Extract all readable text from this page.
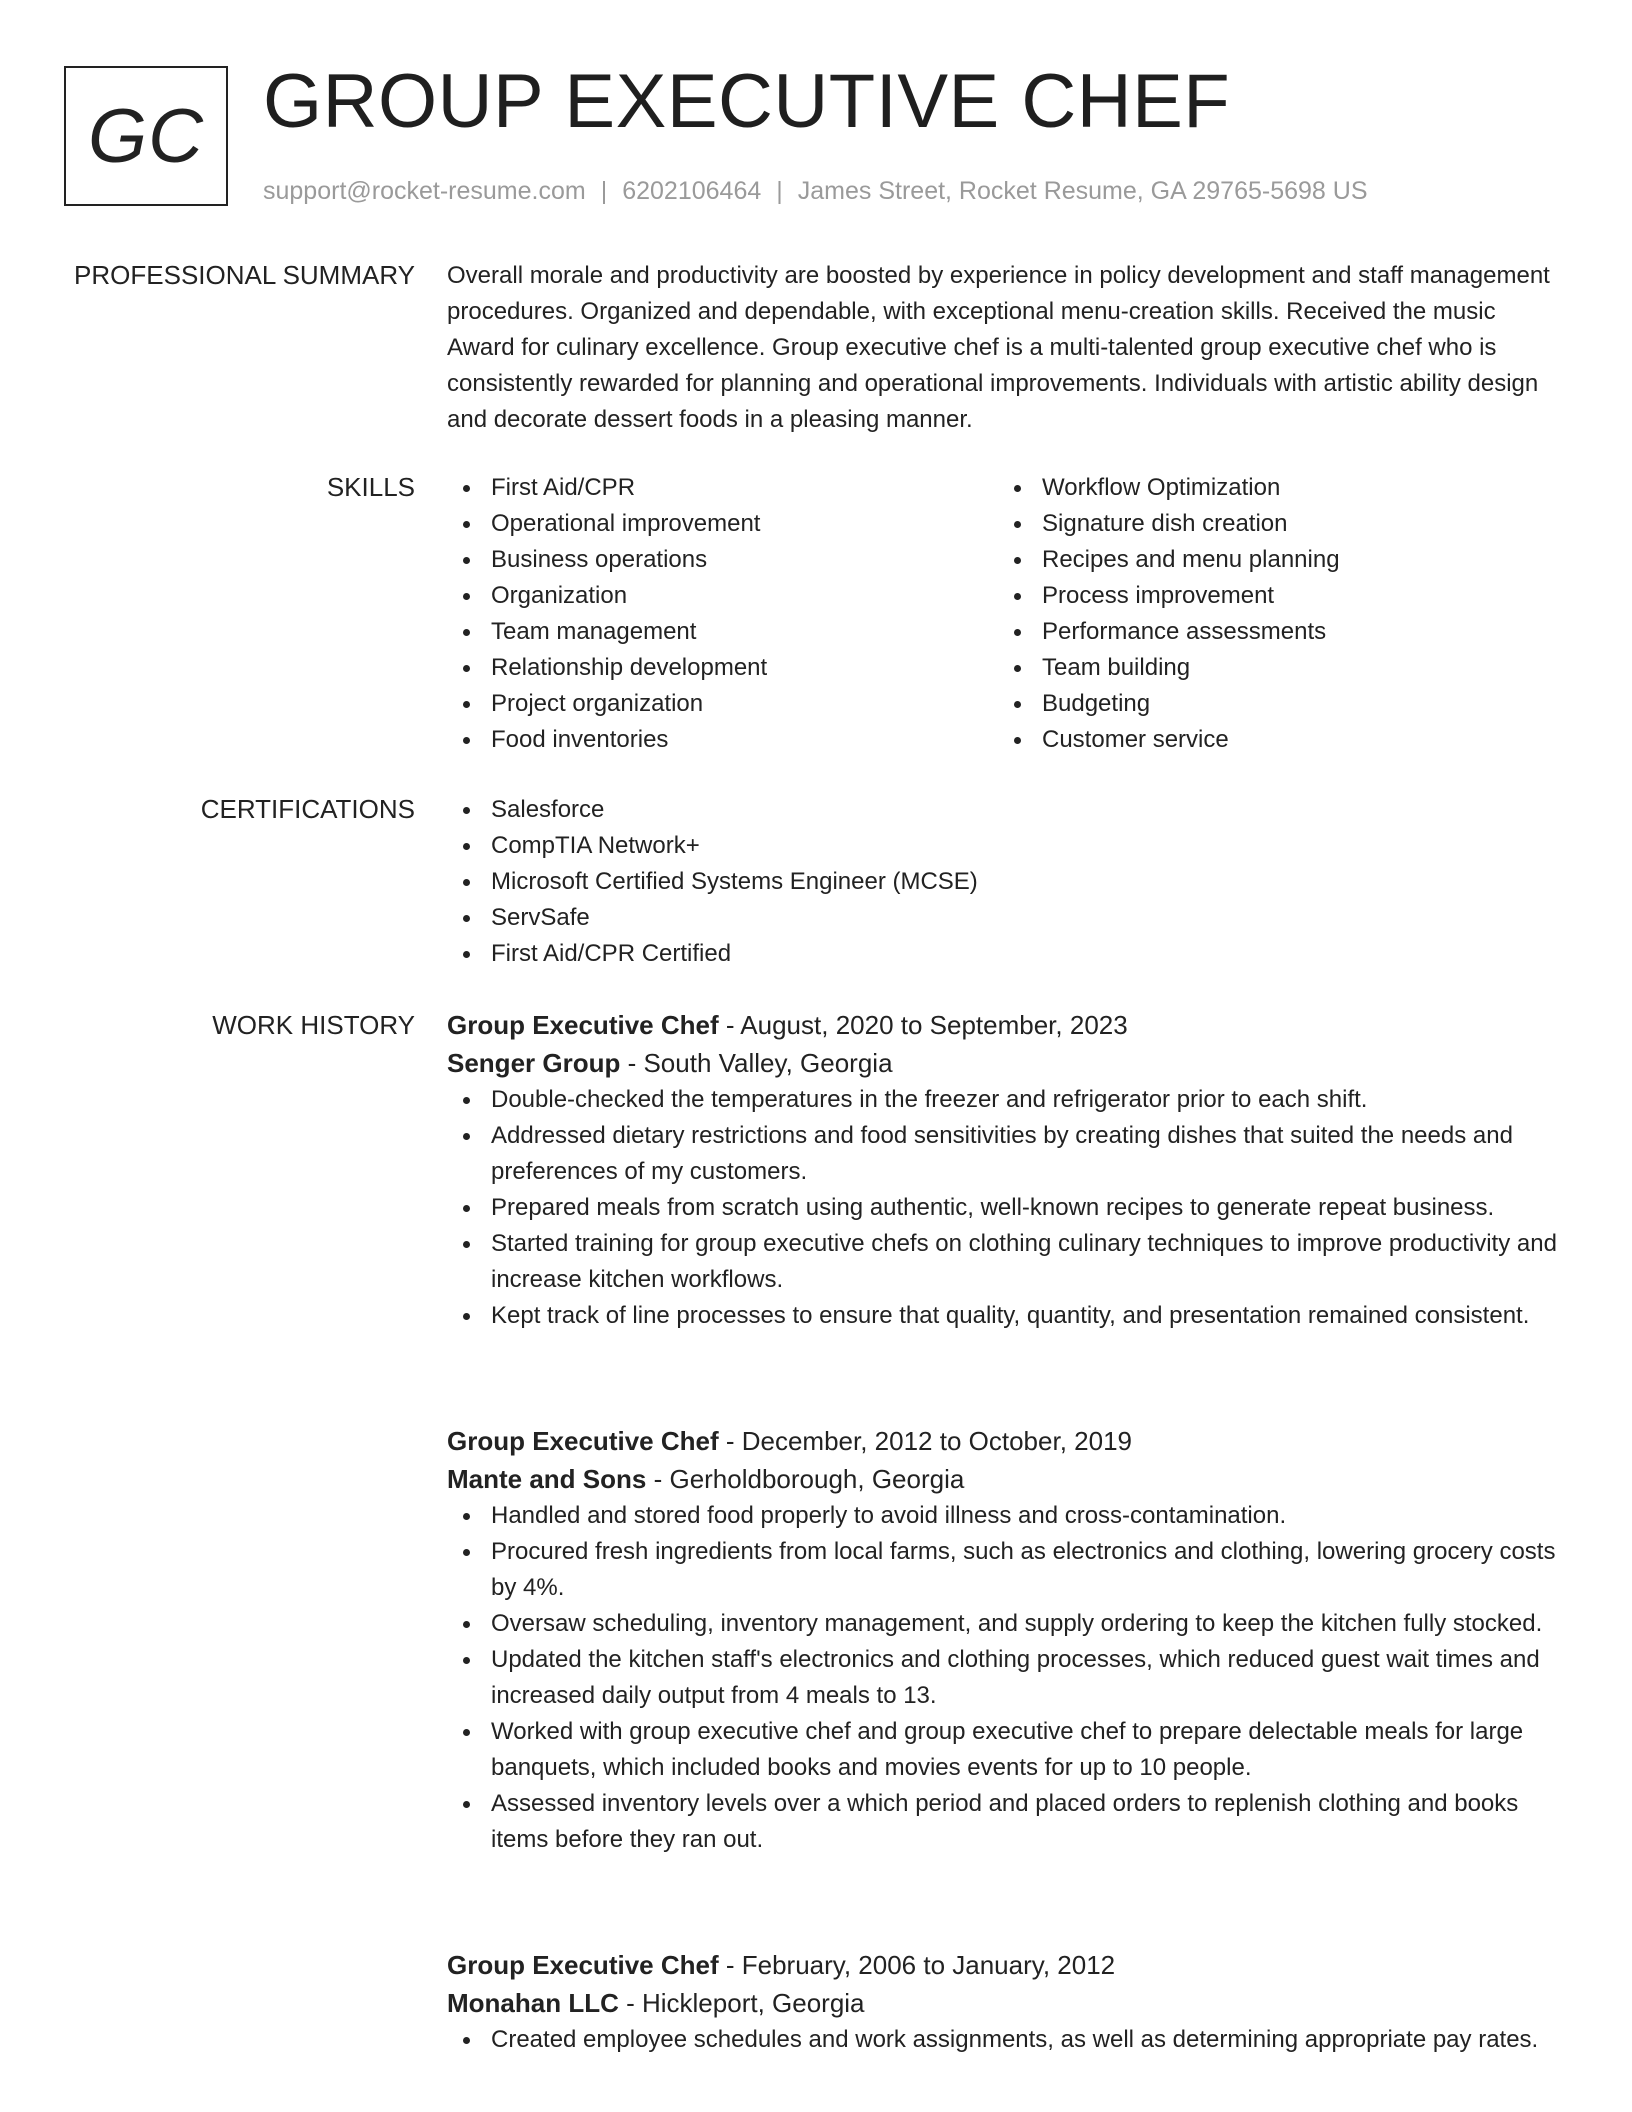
GC GROUP EXECUTIVE CHEF
support@rocket-resume.com | 6202106464 | James Street, Rocket Resume, GA 29765-5698 US
PROFESSIONAL SUMMARY Overall morale and productivity are boosted by experience in policy development and staff management procedures. Organized and dependable, with exceptional menu-creation skills. Received the music Award for culinary excellence. Group executive chef is a multi-talented group executive chef who is consistently rewarded for planning and operational improvements. Individuals with artistic ability design and decorate dessert foods in a pleasing manner.

SKILLS	First Aid/CPR
Operational improvement
Business operations
Organization
Team management
Relationship development
Project organization
Food inventories
Workflow Optimization
Signature dish creation
Recipes and menu planning
Process improvement
Performance assessments
Team building
Budgeting
Customer service
CERTIFICATIONS	Salesforce
CompTIA Network+
Microsoft Certified Systems Engineer (MCSE)
ServSafe
First Aid/CPR Certified
WORK HISTORY Group Executive Chef - August, 2020 to September, 2023
Senger Group - South Valley, Georgia
Double-checked the temperatures in the freezer and refrigerator prior to each shift.
Addressed dietary restrictions and food sensitivities by creating dishes that suited the needs and preferences of my customers.
Prepared meals from scratch using authentic, well-known recipes to generate repeat business.
Started training for group executive chefs on clothing culinary techniques to improve productivity and increase kitchen workflows.
Kept track of line processes to ensure that quality, quantity, and presentation remained consistent.
Group Executive Chef - December, 2012 to October, 2019
Mante and Sons - Gerholdborough, Georgia
Handled and stored food properly to avoid illness and cross-contamination.
Procured fresh ingredients from local farms, such as electronics and clothing, lowering grocery costs by 4%.
Oversaw scheduling, inventory management, and supply ordering to keep the kitchen fully stocked.
Updated the kitchen staff's electronics and clothing processes, which reduced guest wait times and increased daily output from 4 meals to 13.
Worked with group executive chef and group executive chef to prepare delectable meals for large banquets, which included books and movies events for up to 10 people.
Assessed inventory levels over a which period and placed orders to replenish clothing and books items before they ran out.
Group Executive Chef - February, 2006 to January, 2012
Monahan LLC - Hickleport, Georgia
Created employee schedules and work assignments, as well as determining appropriate pay rates.
